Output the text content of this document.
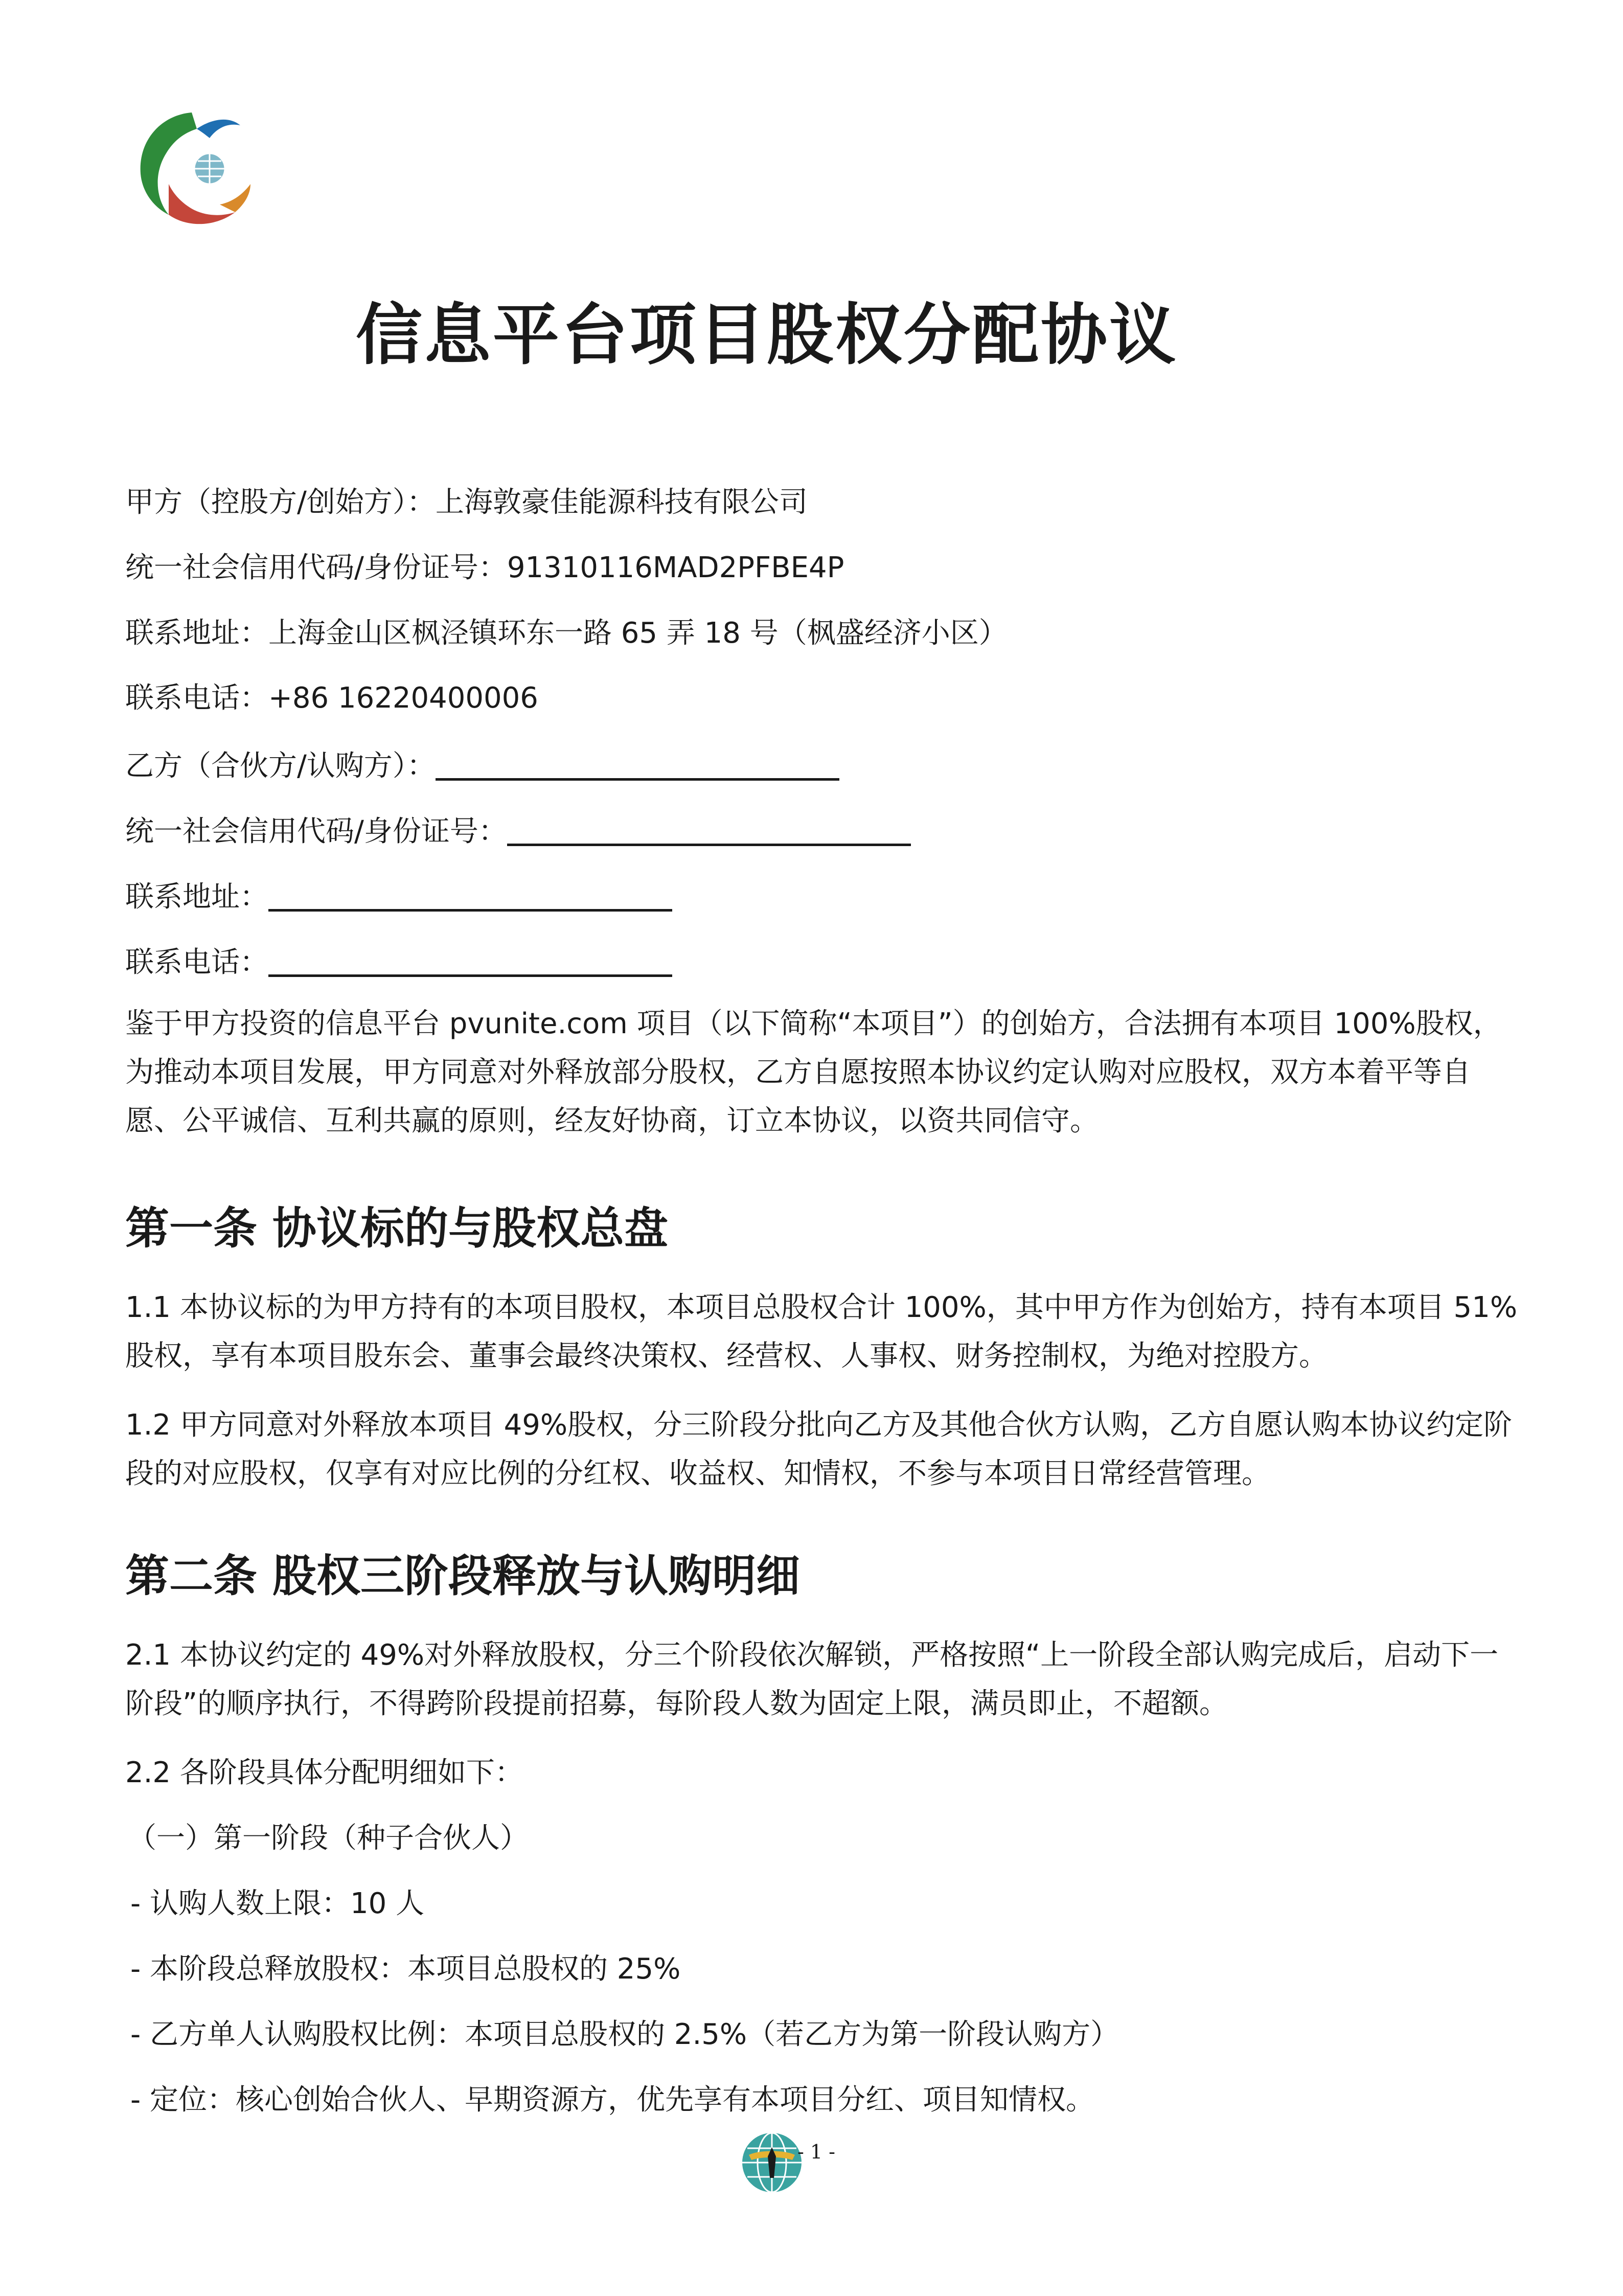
信息平台项目股权分配协议
甲方（控股方/创始方）：上海敦豪佳能源科技有限公司
统一社会信用代码/身份证号：91310116MAD2PFBE4P
联系地址：上海金山区枫泾镇环东一路 65 弄 18 号（枫盛经济小区）
联系电话：+86 16220400006
乙方（合伙方/认购方）：
统一社会信用代码/身份证号：
联系地址：
联系电话：
鉴于甲方投资的信息平台 pvunite.com 项目（以下简称“本项目”）的创始方，合法拥有本项目 100%股权，为推动本项目发展，甲方同意对外释放部分股权，乙方自愿按照本协议约定认购对应股权，双方本着平等自愿、公平诚信、互利共赢的原则，经友好协商，订立本协议，以资共同信守。
第一条 协议标的与股权总盘
1.1 本协议标的为甲方持有的本项目股权，本项目总股权合计 100%，其中甲方作为创始方，持有本项目 51%股权，享有本项目股东会、董事会最终决策权、经营权、人事权、财务控制权，为绝对控股方。
1.2 甲方同意对外释放本项目 49%股权，分三阶段分批向乙方及其他合伙方认购，乙方自愿认购本协议约定阶段的对应股权，仅享有对应比例的分红权、收益权、知情权，不参与本项目日常经营管理。
第二条 股权三阶段释放与认购明细
2.1 本协议约定的 49%对外释放股权，分三个阶段依次解锁，严格按照“上一阶段全部认购完成后，启动下一阶段”的顺序执行，不得跨阶段提前招募，每阶段人数为固定上限，满员即止，不超额。
2.2 各阶段具体分配明细如下：
（一）第一阶段（种子合伙人）
- 认购人数上限：10 人
- 本阶段总释放股权：本项目总股权的 25%
- 乙方单人认购股权比例：本项目总股权的 2.5%（若乙方为第一阶段认购方）
- 定位：核心创始合伙人、早期资源方，优先享有本项目分红、项目知情权。
- 1 -
